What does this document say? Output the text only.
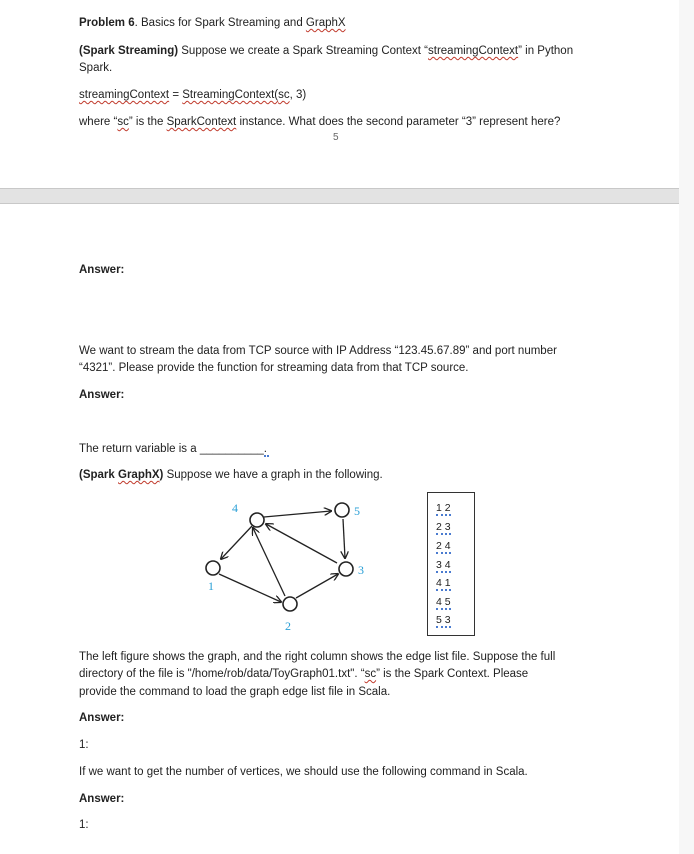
Problem 6. Basics for Spark Streaming and GraphX
(Spark Streaming) Suppose we create a Spark Streaming Context “streamingContext” in Python
Spark.
streamingContext = StreamingContext(sc, 3)
where “sc” is the SparkContext instance. What does the second parameter “3” represent here?
5
Answer:
We want to stream the data from TCP source with IP Address “123.45.67.89” and port number
“4321”. Please provide the function for streaming data from that TCP source.
Answer:
The return variable is a __________.
(Spark GraphX) Suppose we have a graph in the following.
4	5
1
3
2
1 2
2 3
2 4
3 4
4 1
4 5
5 3
The left figure shows the graph, and the right column shows the edge list file. Suppose the full
directory of the file is "/home/rob/data/ToyGraph01.txt". “sc” is the Spark Context. Please
provide the command to load the graph edge list file in Scala.
Answer:
1:
If we want to get the number of vertices, we should use the following command in Scala.
Answer:
1:
